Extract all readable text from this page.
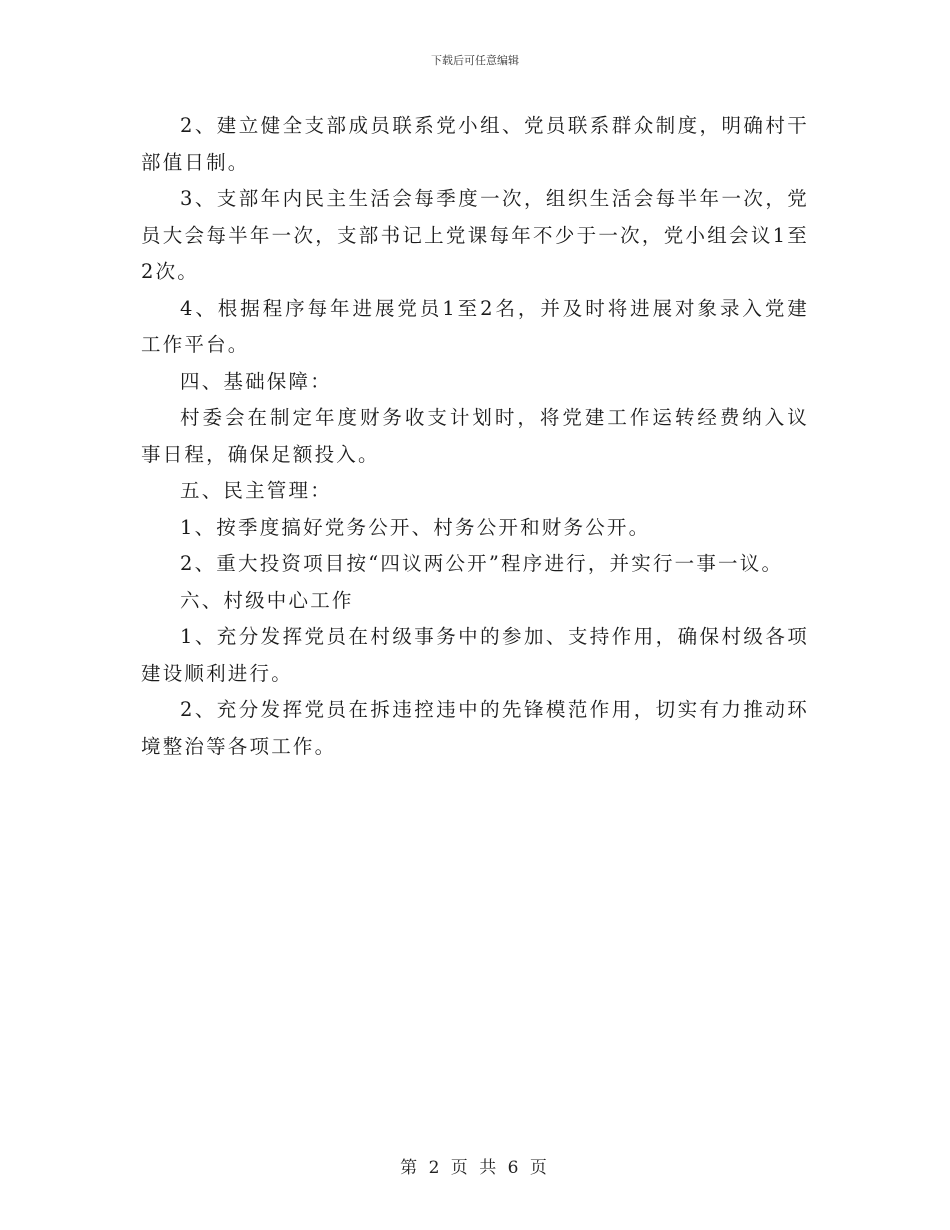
下载后可任意编辑

2、建立健全支部成员联系党小组、党员联系群众制度，明确村干部值日制。

3、支部年内民主生活会每季度一次，组织生活会每半年一次，党员大会每半年一次，支部书记上党课每年不少于一次，党小组会议1至2次。

4、根据程序每年进展党员1至2名，并及时将进展对象录入党建工作平台。

四、基础保障：

村委会在制定年度财务收支计划时，将党建工作运转经费纳入议事日程，确保足额投入。

五、民主管理：

1、按季度搞好党务公开、村务公开和财务公开。

2、重大投资项目按“四议两公开”程序进行，并实行一事一议。

六、村级中心工作

1、充分发挥党员在村级事务中的参加、支持作用，确保村级各项建设顺利进行。

2、充分发挥党员在拆违控违中的先锋模范作用，切实有力推动环境整治等各项工作。

第 2 页 共 6 页
